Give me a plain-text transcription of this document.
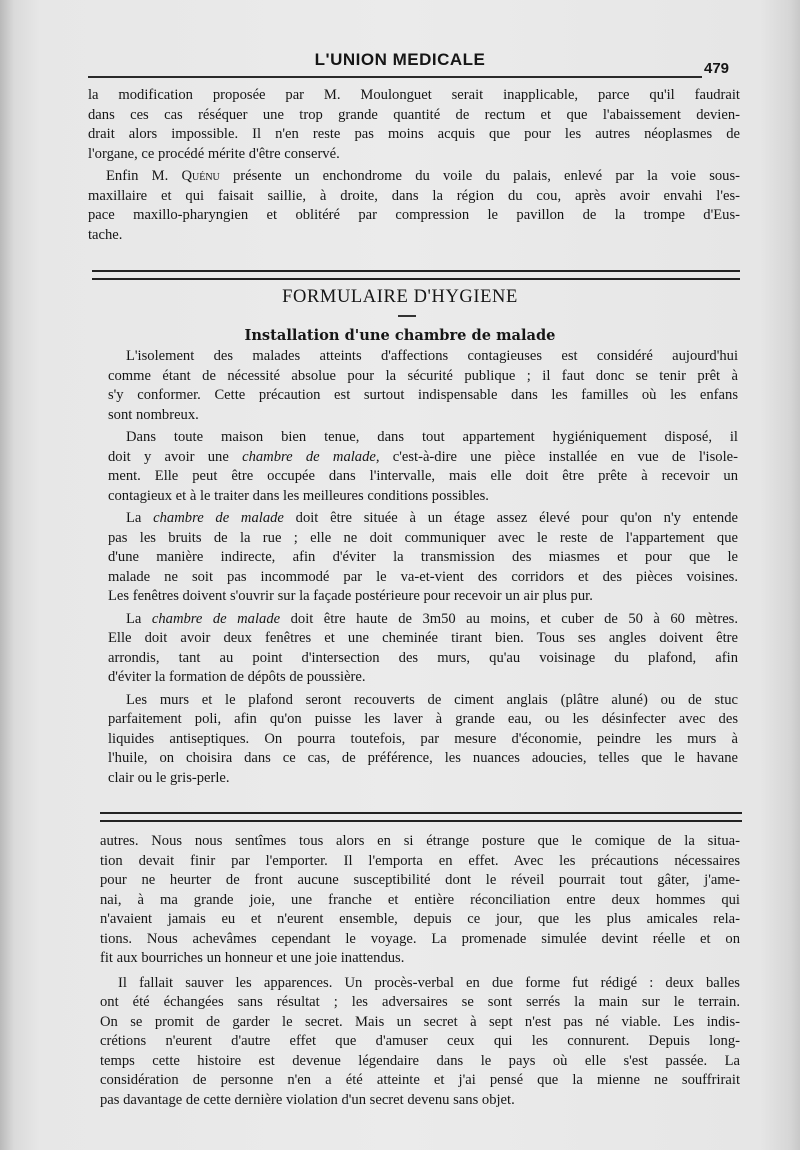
L'UNION MEDICALE	479
la modification proposée par M. Moulonguet serait inapplicable, parce qu'il faudrait
dans ces cas réséquer une trop grande quantité de rectum et que l'abaissement devien-
drait alors impossible. Il n'en reste pas moins acquis que pour les autres néoplasmes de
l'organe, ce procédé mérite d'être conservé.
Enfin M. Quénu présente un enchondrome du voile du palais, enlevé par la voie sous-
maxillaire et qui faisait saillie, à droite, dans la région du cou, après avoir envahi l'es-
pace maxillo-pharyngien et oblitéré par compression le pavillon de la trompe d'Eus-
tache.
FORMULAIRE D'HYGIENE
Installation d'une chambre de malade
L'isolement des malades atteints d'affections contagieuses est considéré aujourd'hui
comme étant de nécessité absolue pour la sécurité publique ; il faut donc se tenir prêt à
s'y conformer. Cette précaution est surtout indispensable dans les familles où les enfans
sont nombreux.
Dans toute maison bien tenue, dans tout appartement hygiéniquement disposé, il
doit y avoir une chambre de malade, c'est-à-dire une pièce installée en vue de l'isole-
ment. Elle peut être occupée dans l'intervalle, mais elle doit être prête à recevoir un
contagieux et à le traiter dans les meilleures conditions possibles.
La chambre de malade doit être située à un étage assez élevé pour qu'on n'y entende
pas les bruits de la rue ; elle ne doit communiquer avec le reste de l'appartement que
d'une manière indirecte, afin d'éviter la transmission des miasmes et pour que le
malade ne soit pas incommodé par le va-et-vient des corridors et des pièces voisines.
Les fenêtres doivent s'ouvrir sur la façade postérieure pour recevoir un air plus pur.
La chambre de malade doit être haute de 3m50 au moins, et cuber de 50 à 60 mètres.
Elle doit avoir deux fenêtres et une cheminée tirant bien. Tous ses angles doivent être
arrondis, tant au point d'intersection des murs, qu'au voisinage du plafond, afin
d'éviter la formation de dépôts de poussière.
Les murs et le plafond seront recouverts de ciment anglais (plâtre aluné) ou de stuc
parfaitement poli, afin qu'on puisse les laver à grande eau, ou les désinfecter avec des
liquides antiseptiques. On pourra toutefois, par mesure d'économie, peindre les murs à
l'huile, on choisira dans ce cas, de préférence, les nuances adoucies, telles que le havane
clair ou le gris-perle.
autres. Nous nous sentîmes tous alors en si étrange posture que le comique de la situa-
tion devait finir par l'emporter. Il l'emporta en effet. Avec les précautions nécessaires
pour ne heurter de front aucune susceptibilité dont le réveil pourrait tout gâter, j'ame-
nai, à ma grande joie, une franche et entière réconciliation entre deux hommes qui
n'avaient jamais eu et n'eurent ensemble, depuis ce jour, que les plus amicales rela-
tions. Nous achevâmes cependant le voyage. La promenade simulée devint réelle et on
fit aux bourriches un honneur et une joie inattendus.
Il fallait sauver les apparences. Un procès-verbal en due forme fut rédigé : deux balles
ont été échangées sans résultat ; les adversaires se sont serrés la main sur le terrain.
On se promit de garder le secret. Mais un secret à sept n'est pas né viable. Les indis-
crétions n'eurent d'autre effet que d'amuser ceux qui les connurent. Depuis long-
temps cette histoire est devenue légendaire dans le pays où elle s'est passée. La
considération de personne n'en a été atteinte et j'ai pensé que la mienne ne souffrirait
pas davantage de cette dernière violation d'un secret devenu sans objet.
